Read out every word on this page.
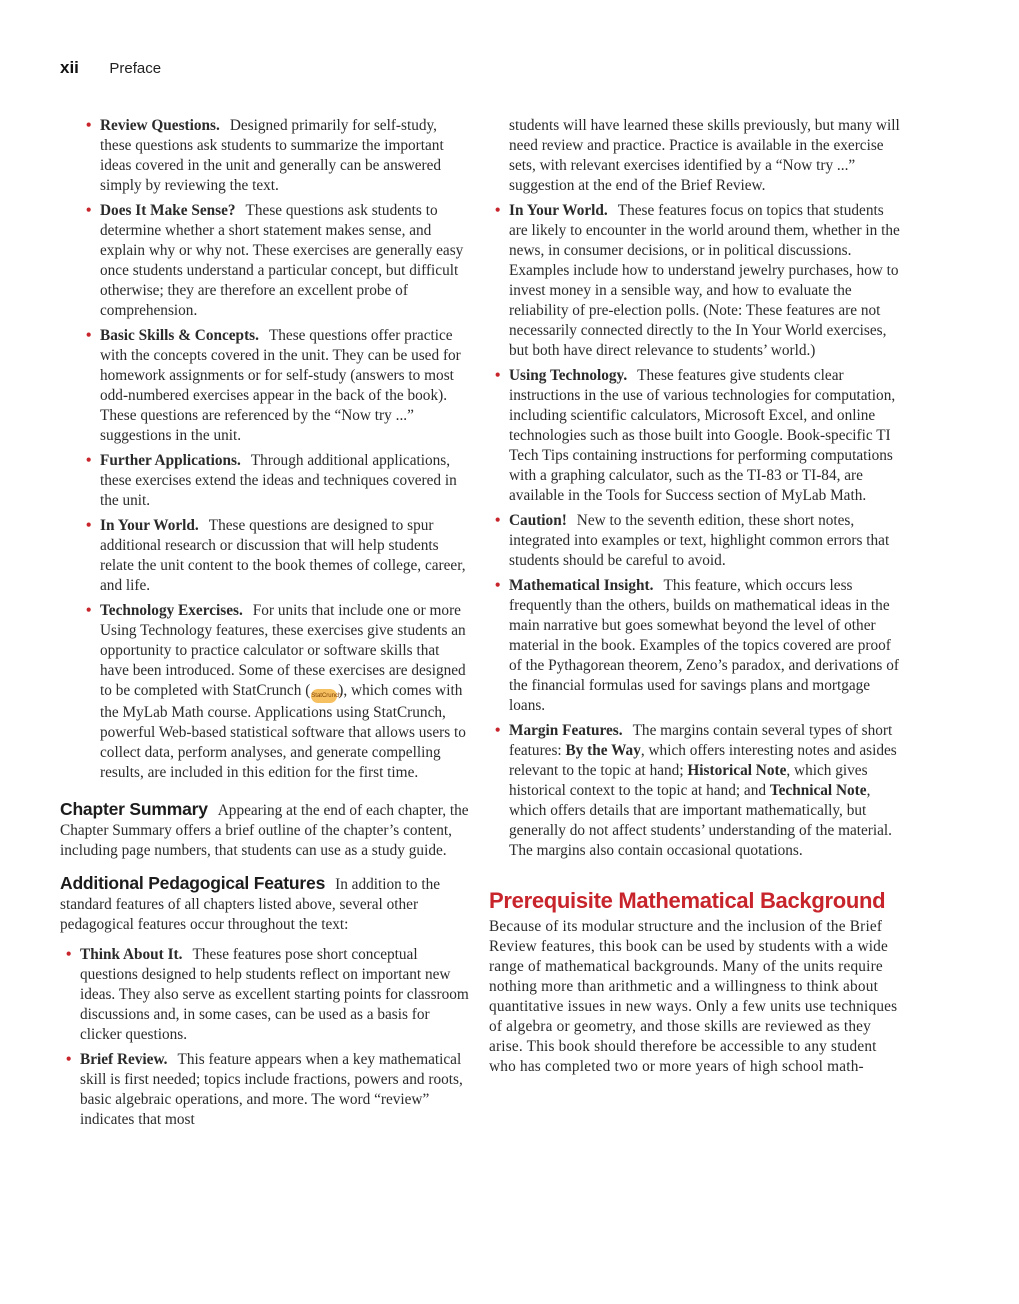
xii Preface
• Review Questions. Designed primarily for self-study, these questions ask students to summarize the important ideas covered in the unit and generally can be answered simply by reviewing the text.
• Does It Make Sense? These questions ask students to determine whether a short statement makes sense, and explain why or why not. These exercises are generally easy once students understand a particular concept, but difficult otherwise; they are therefore an excellent probe of comprehension.
• Basic Skills & Concepts. These questions offer practice with the concepts covered in the unit. They can be used for homework assignments or for self-study (answers to most odd-numbered exercises appear in the back of the book). These questions are referenced by the “Now try ...” suggestions in the unit.
• Further Applications. Through additional applications, these exercises extend the ideas and techniques covered in the unit.
• In Your World. These questions are designed to spur additional research or discussion that will help students relate the unit content to the book themes of college, career, and life.
• Technology Exercises. For units that include one or more Using Technology features, these exercises give students an opportunity to practice calculator or software skills that have been introduced. Some of these exercises are designed to be completed with StatCrunch (StatCrunch), which comes with the MyLab Math course. Applications using StatCrunch, powerful Web-based statistical software that allows users to collect data, perform analyses, and generate compelling results, are included in this edition for the first time.
Chapter Summary Appearing at the end of each chapter, the Chapter Summary offers a brief outline of the chapter’s content, including page numbers, that students can use as a study guide.
Additional Pedagogical Features In addition to the standard features of all chapters listed above, several other pedagogical features occur throughout the text:
• Think About It. These features pose short conceptual questions designed to help students reflect on important new ideas. They also serve as excellent starting points for classroom discussions and, in some cases, can be used as a basis for clicker questions.
• Brief Review. This feature appears when a key mathematical skill is first needed; topics include fractions, powers and roots, basic algebraic operations, and more. The word “review” indicates that most
students will have learned these skills previously, but many will need review and practice. Practice is available in the exercise sets, with relevant exercises identified by a “Now try ...” suggestion at the end of the Brief Review.
• In Your World. These features focus on topics that students are likely to encounter in the world around them, whether in the news, in consumer decisions, or in political discussions. Examples include how to understand jewelry purchases, how to invest money in a sensible way, and how to evaluate the reliability of pre-election polls. (Note: These features are not necessarily connected directly to the In Your World exercises, but both have direct relevance to students’ world.)
• Using Technology. These features give students clear instructions in the use of various technologies for computation, including scientific calculators, Microsoft Excel, and online technologies such as those built into Google. Book-specific TI Tech Tips containing instructions for performing computations with a graphing calculator, such as the TI-83 or TI-84, are available in the Tools for Success section of MyLab Math.
• Caution! New to the seventh edition, these short notes, integrated into examples or text, highlight common errors that students should be careful to avoid.
• Mathematical Insight. This feature, which occurs less frequently than the others, builds on mathematical ideas in the main narrative but goes somewhat beyond the level of other material in the book. Examples of the topics covered are proof of the Pythagorean theorem, Zeno’s paradox, and derivations of the financial formulas used for savings plans and mortgage loans.
• Margin Features. The margins contain several types of short features: By the Way, which offers interesting notes and asides relevant to the topic at hand; Historical Note, which gives historical context to the topic at hand; and Technical Note, which offers details that are important mathematically, but generally do not affect students’ understanding of the material. The margins also contain occasional quotations.
Prerequisite Mathematical Background
Because of its modular structure and the inclusion of the Brief Review features, this book can be used by students with a wide range of mathematical backgrounds. Many of the units require nothing more than arithmetic and a willingness to think about quantitative issues in new ways. Only a few units use techniques of algebra or geometry, and those skills are reviewed as they arise. This book should therefore be accessible to any student who has completed two or more years of high school math-
